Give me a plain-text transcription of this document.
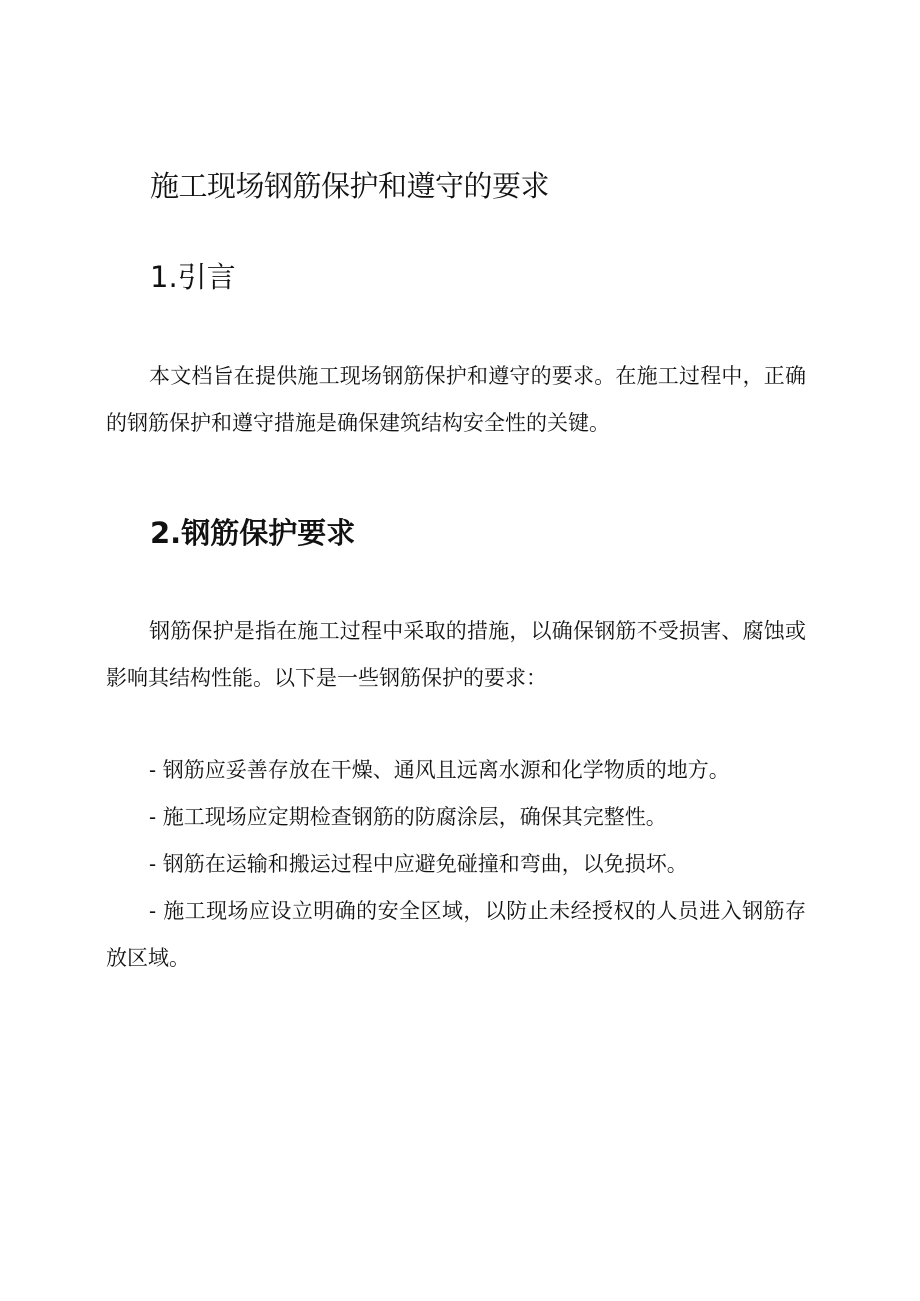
施工现场钢筋保护和遵守的要求
1.引言

本文档旨在提供施工现场钢筋保护和遵守的要求。在施工过程中，正确的钢筋保护和遵守措施是确保建筑结构安全性的关键。

2.钢筋保护要求

钢筋保护是指在施工过程中采取的措施，以确保钢筋不受损害、腐蚀或影响其结构性能。以下是一些钢筋保护的要求：

- 钢筋应妥善存放在干燥、通风且远离水源和化学物质的地方。
- 施工现场应定期检查钢筋的防腐涂层，确保其完整性。
- 钢筋在运输和搬运过程中应避免碰撞和弯曲，以免损坏。
- 施工现场应设立明确的安全区域，以防止未经授权的人员进入钢筋存放区域。
